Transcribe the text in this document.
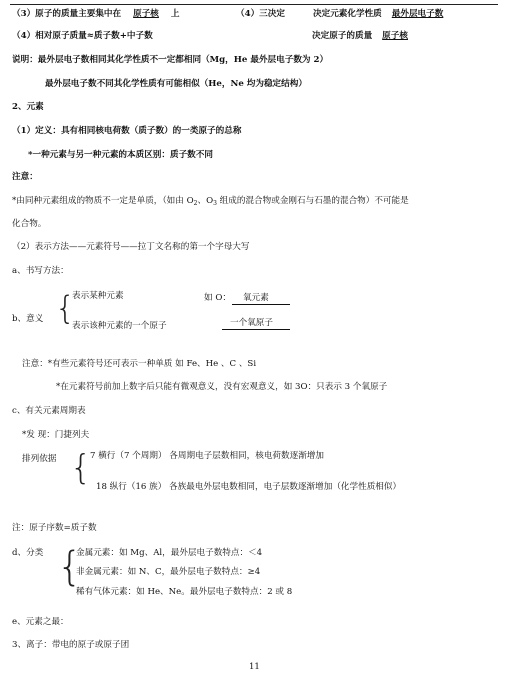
（3）原子的质量主要集中在 原子核 上	（4）三决定	决定元素化学性质 最外层电子数
（4）相对原子质量≈质子数+中子数	决定原子的质量 原子核
说明：最外层电子数相同其化学性质不一定都相同（Mg，He 最外层电子数为 2）
最外层电子数不同其化学性质有可能相似（He，Ne 均为稳定结构）
2、元素
（1）定义：具有相同核电荷数（质子数）的一类原子的总称
*一种元素与另一种元素的本质区别：质子数不同
注意：
*由同种元素组成的物质不一定是单质，（如由 $O_2$、$O_3$ 组成的混合物或金刚石与石墨的混合物）不可能是
化合物。
（2）表示方法——元素符号——拉丁文名称的第一个字母大写
a、书写方法：
表示某种元素	如 O： 氧元素
b、意义 {	一个氧原子
表示该种元素的一个原子
注意：*有些元素符号还可表示一种单质 如 Fe、He 、C 、Si
*在元素符号前加上数字后只能有微观意义，没有宏观意义，如 3O：只表示 3 个氧原子
c、有关元素周期表
*发 现：门捷列夫
7 横行（7 个周期） 各周期电子层数相同，核电荷数逐渐增加
排列依据 { 18 纵行（16 族） 各族最电外层电数相同，电子层数逐渐增加（化学性质相似）
注：原子序数=质子数
金属元素：如 Mg、Al，最外层电子数特点：＜4
d、分类 {
非金属元素：如 N、C，最外层电子数特点：≥4
稀有气体元素：如 He、Ne。最外层电子数特点：2 或 8
e、元素之最：
3、离子：带电的原子或原子团
11
